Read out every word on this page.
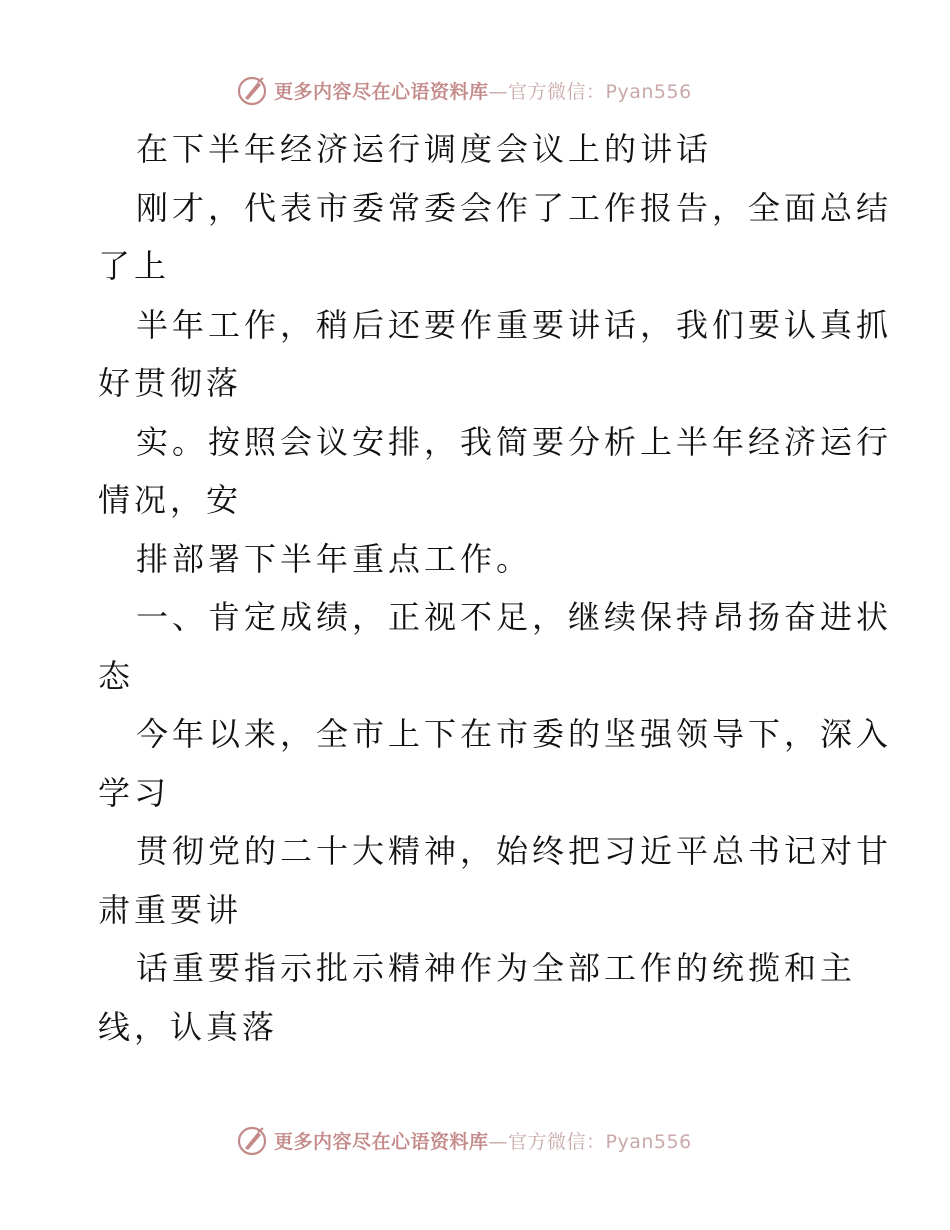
更多内容尽在心语资料库—官方微信：Pyan556

在下半年经济运行调度会议上的讲话

刚才，代表市委常委会作了工作报告，全面总结
了上

半年工作，稍后还要作重要讲话，我们要认真抓
好贯彻落

实。按照会议安排，我简要分析上半年经济运行
情况，安

排部署下半年重点工作。

一、肯定成绩，正视不足，继续保持昂扬奋进状
态

今年以来，全市上下在市委的坚强领导下，深入
学习

贯彻党的二十大精神，始终把习近平总书记对甘
肃重要讲

话重要指示批示精神作为全部工作的统揽和主
线，认真落

更多内容尽在心语资料库—官方微信：Pyan556
